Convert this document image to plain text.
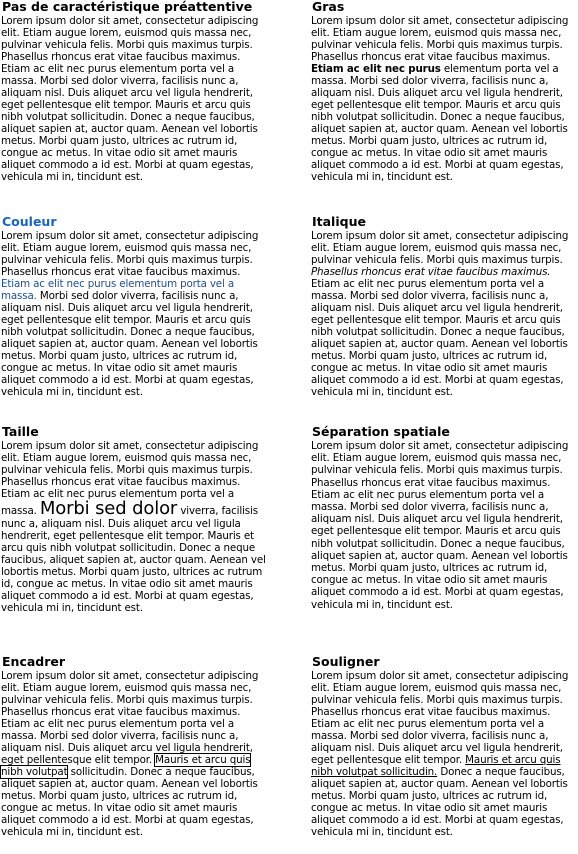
Pas de caractéristique préattentive

Lorem ipsum dolor sit amet, consectetur adipiscing elit. Etiam augue lorem, euismod quis massa nec, pulvinar vehicula felis. Morbi quis maximus turpis. Phasellus rhoncus erat vitae faucibus maximus. Etiam ac elit nec purus elementum porta vel a massa. Morbi sed dolor viverra, facilisis nunc a, aliquam nisl. Duis aliquet arcu vel ligula hendrerit, eget pellentesque elit tempor. Mauris et arcu quis nibh volutpat sollicitudin. Donec a neque faucibus, aliquet sapien at, auctor quam. Aenean vel lobortis metus. Morbi quam justo, ultrices ac rutrum id, congue ac metus. In vitae odio sit amet mauris aliquet commodo a id est. Morbi at quam egestas, vehicula mi in, tincidunt est.

Gras

Lorem ipsum dolor sit amet, consectetur adipiscing elit. Etiam augue lorem, euismod quis massa nec, pulvinar vehicula felis. Morbi quis maximus turpis. Phasellus rhoncus erat vitae faucibus maximus. Etiam ac elit nec purus elementum porta vel a massa. Morbi sed dolor viverra, facilisis nunc a, aliquam nisl. Duis aliquet arcu vel ligula hendrerit, eget pellentesque elit tempor. Mauris et arcu quis nibh volutpat sollicitudin. Donec a neque faucibus, aliquet sapien at, auctor quam. Aenean vel lobortis metus. Morbi quam justo, ultrices ac rutrum id, congue ac metus. In vitae odio sit amet mauris aliquet commodo a id est. Morbi at quam egestas, vehicula mi in, tincidunt est.

Couleur

Lorem ipsum dolor sit amet, consectetur adipiscing elit. Etiam augue lorem, euismod quis massa nec, pulvinar vehicula felis. Morbi quis maximus turpis. Phasellus rhoncus erat vitae faucibus maximus. Etiam ac elit nec purus elementum porta vel a massa. Morbi sed dolor viverra, facilisis nunc a, aliquam nisl. Duis aliquet arcu vel ligula hendrerit, eget pellentesque elit tempor. Mauris et arcu quis nibh volutpat sollicitudin. Donec a neque faucibus, aliquet sapien at, auctor quam. Aenean vel lobortis metus. Morbi quam justo, ultrices ac rutrum id, congue ac metus. In vitae odio sit amet mauris aliquet commodo a id est. Morbi at quam egestas, vehicula mi in, tincidunt est.

Italique

Lorem ipsum dolor sit amet, consectetur adipiscing elit. Etiam augue lorem, euismod quis massa nec, pulvinar vehicula felis. Morbi quis maximus turpis. Phasellus rhoncus erat vitae faucibus maximus. Etiam ac elit nec purus elementum porta vel a massa. Morbi sed dolor viverra, facilisis nunc a, aliquam nisl. Duis aliquet arcu vel ligula hendrerit, eget pellentesque elit tempor. Mauris et arcu quis nibh volutpat sollicitudin. Donec a neque faucibus, aliquet sapien at, auctor quam. Aenean vel lobortis metus. Morbi quam justo, ultrices ac rutrum id, congue ac metus. In vitae odio sit amet mauris aliquet commodo a id est. Morbi at quam egestas, vehicula mi in, tincidunt est.

Taille

Lorem ipsum dolor sit amet, consectetur adipiscing elit. Etiam augue lorem, euismod quis massa nec, pulvinar vehicula felis. Morbi quis maximus turpis. Phasellus rhoncus erat vitae faucibus maximus. Etiam ac elit nec purus elementum porta vel a massa. Morbi sed dolor viverra, facilisis nunc a, aliquam nisl. Duis aliquet arcu vel ligula hendrerit, eget pellentesque elit tempor. Mauris et arcu quis nibh volutpat sollicitudin. Donec a neque faucibus, aliquet sapien at, auctor quam. Aenean vel lobortis metus. Morbi quam justo, ultrices ac rutrum id, congue ac metus. In vitae odio sit amet mauris aliquet commodo a id est. Morbi at quam egestas, vehicula mi in, tincidunt est.

Séparation spatiale

Lorem ipsum dolor sit amet, consectetur adipiscing elit. Etiam augue lorem, euismod quis massa nec, pulvinar vehicula felis. Morbi quis maximus turpis. Phasellus rhoncus erat vitae faucibus maximus. Etiam ac elit nec purus elementum porta vel a massa. Morbi sed dolor viverra, facilisis nunc a, aliquam nisl. Duis aliquet arcu vel ligula hendrerit, eget pellentesque elit tempor. Mauris et arcu quis nibh volutpat sollicitudin. Donec a neque faucibus, aliquet sapien at, auctor quam. Aenean vel lobortis metus. Morbi quam justo, ultrices ac rutrum id, congue ac metus. In vitae odio sit amet mauris aliquet commodo a id est. Morbi at quam egestas, vehicula mi in, tincidunt est.

Encadrer

Lorem ipsum dolor sit amet, consectetur adipiscing elit. Etiam augue lorem, euismod quis massa nec, pulvinar vehicula felis. Morbi quis maximus turpis. Phasellus rhoncus erat vitae faucibus maximus. Etiam ac elit nec purus elementum porta vel a massa. Morbi sed dolor viverra, facilisis nunc a, aliquam nisl. Duis aliquet arcu vel ligula hendrerit, eget pellentesque elit tempor. Mauris et arcu quis nibh volutpat sollicitudin. Donec a neque faucibus, aliquet sapien at, auctor quam. Aenean vel lobortis metus. Morbi quam justo, ultrices ac rutrum id, congue ac metus. In vitae odio sit amet mauris aliquet commodo a id est. Morbi at quam egestas, vehicula mi in, tincidunt est.

Souligner

Lorem ipsum dolor sit amet, consectetur adipiscing elit. Etiam augue lorem, euismod quis massa nec, pulvinar vehicula felis. Morbi quis maximus turpis. Phasellus rhoncus erat vitae faucibus maximus. Etiam ac elit nec purus elementum porta vel a massa. Morbi sed dolor viverra, facilisis nunc a, aliquam nisl. Duis aliquet arcu vel ligula hendrerit, eget pellentesque elit tempor. Mauris et arcu quis nibh volutpat sollicitudin. Donec a neque faucibus, aliquet sapien at, auctor quam. Aenean vel lobortis metus. Morbi quam justo, ultrices ac rutrum id, congue ac metus. In vitae odio sit amet mauris aliquet commodo a id est. Morbi at quam egestas, vehicula mi in, tincidunt est.
